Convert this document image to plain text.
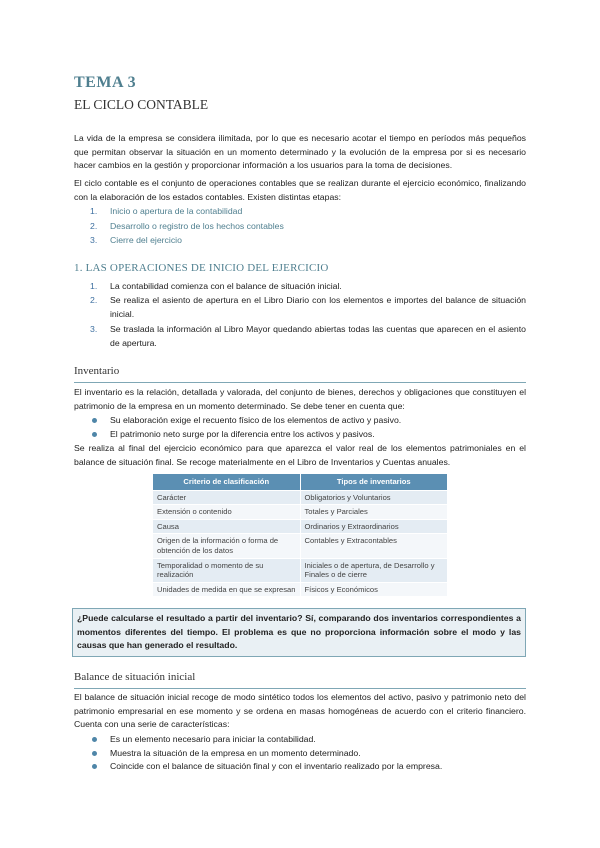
TEMA 3
EL CICLO CONTABLE

La vida de la empresa se considera ilimitada, por lo que es necesario acotar el tiempo en períodos más pequeños que permitan observar la situación en un momento determinado y la evolución de la empresa por si es necesario hacer cambios en la gestión y proporcionar información a los usuarios para la toma de decisiones.

El ciclo contable es el conjunto de operaciones contables que se realizan durante el ejercicio económico, finalizando con la elaboración de los estados contables. Existen distintas etapas:

1. Inicio o apertura de la contabilidad
2. Desarrollo o registro de los hechos contables
3. Cierre del ejercicio
1. LAS OPERACIONES DE INICIO DEL EJERCICIO
1. La contabilidad comienza con el balance de situación inicial.
2. Se realiza el asiento de apertura en el Libro Diario con los elementos e importes del balance de situación inicial.
3. Se traslada la información al Libro Mayor quedando abiertas todas las cuentas que aparecen en el asiento de apertura.
Inventario

El inventario es la relación, detallada y valorada, del conjunto de bienes, derechos y obligaciones que constituyen el patrimonio de la empresa en un momento determinado. Se debe tener en cuenta que:

Su elaboración exige el recuento físico de los elementos de activo y pasivo.
El patrimonio neto surge por la diferencia entre los activos y pasivos.

Se realiza al final del ejercicio económico para que aparezca el valor real de los elementos patrimoniales en el balance de situación final. Se recoge materialmente en el Libro de Inventarios y Cuentas anuales.

Criterio de clasificación	Tipos de inventarios
Carácter	Obligatorios y Voluntarios
Extensión o contenido	Totales y Parciales
Causa	Ordinarios y Extraordinarios
Origen de la información o forma de obtención de los datos	Contables y Extracontables
Temporalidad o momento de su realización	Iniciales o de apertura, de Desarrollo y Finales o de cierre
Unidades de medida en que se expresan	Físicos y Económicos
¿Puede calcularse el resultado a partir del inventario? Sí, comparando dos inventarios correspondientes a momentos diferentes del tiempo. El problema es que no proporciona información sobre el modo y las causas que han generado el resultado.
Balance de situación inicial

El balance de situación inicial recoge de modo sintético todos los elementos del activo, pasivo y patrimonio neto del patrimonio empresarial en ese momento y se ordena en masas homogéneas de acuerdo con el criterio financiero. Cuenta con una serie de características:

Es un elemento necesario para iniciar la contabilidad.
Muestra la situación de la empresa en un momento determinado.
Coincide con el balance de situación final y con el inventario realizado por la empresa.
